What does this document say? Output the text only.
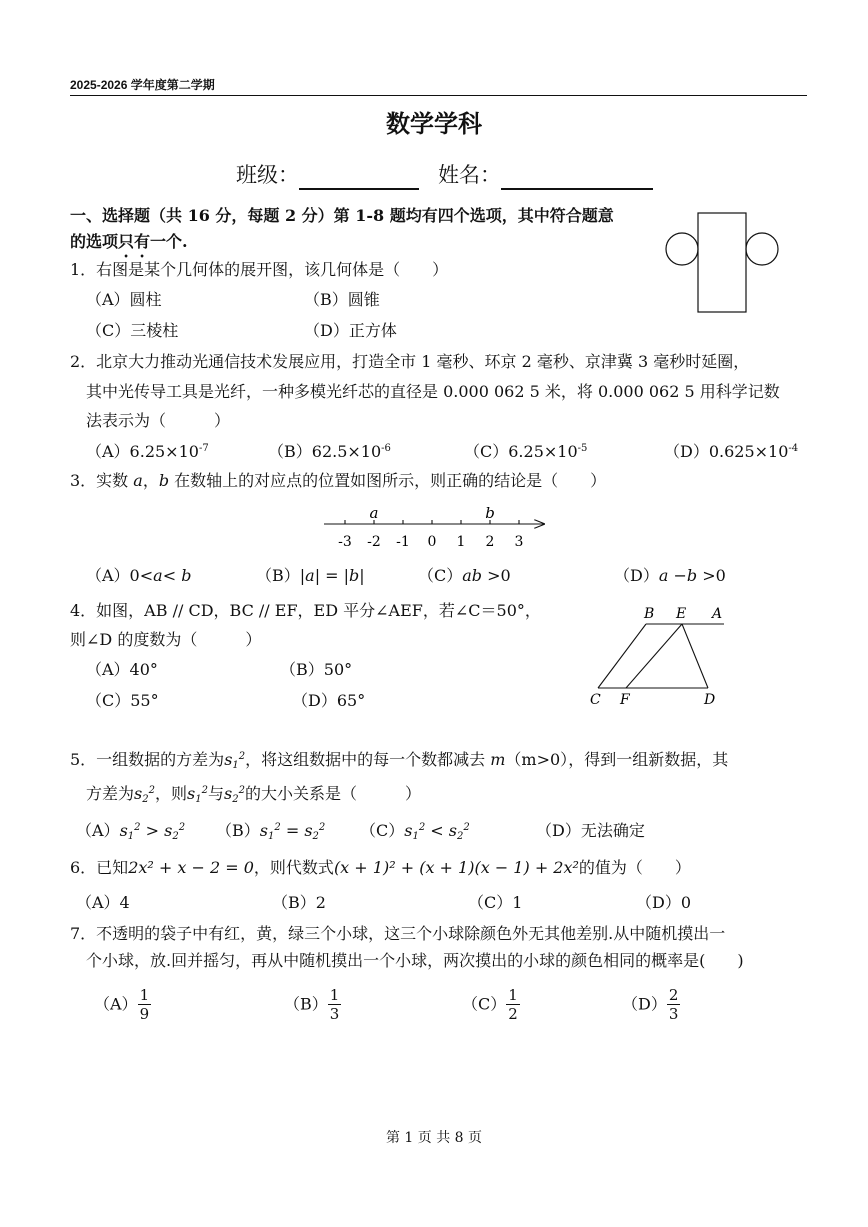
2025-2026 学年度第二学期
数学学科
班级：	姓名：
一、选择题（共 16 分，每题 2 分）第 1-8 题均有四个选项，其中符合题意
的选项只有一个.
1．右图是某个几何体的展开图，该几何体是（　　）
（A）圆柱	（B）圆锥
（C）三棱柱	（D）正方体
2．北京大力推动光通信技术发展应用，打造全市 1 毫秒、环京 2 毫秒、京津冀 3 毫秒时延圈，
其中光传导工具是光纤，一种多模光纤芯的直径是 0.000 062 5 米，将 0.000 062 5 用科学记数
法表示为（　　　）
$(A)6.25\times 10^{-7}$	$(B)62.5\times 10^{-6}$	$(C)6.25\times 10^{-5}$	$(D)0.625\times 10^{-4}$
3．实数 a，b 在数轴上的对应点的位置如图所示，则正确的结论是（　　）
-3 -2 -1 0 1 2 3
a	b
（A）0<a< b	（B）|a| = |b|	（C）ab >0	（D）a −b >0
4．如图，AB // CD，BC // EF，ED 平分∠AEF，若∠C＝50°，
则∠D 的度数为（　　　）
（A）40°	（B）50°
（C）55°	（D）65°
B E A
C F	D
5．一组数据的方差为$s_1^2$，将这组数据中的每一个数都减去 m（m>0），得到一组新数据，其
方差为$s_2^2$，则$s_1^2$与$s_2^2$的大小关系是（　　　）
$(A)s_1^2 > s_2^2$ $(B)s_1^2 = s_2^2$ $(C)s_1^2 < s_2^2$	（D）无法确定
6．已知2x² + x − 2 = 0，则代数式(x + 1)² + (x + 1)(x − 1) + 2x²的值为（　　）
（A）4	（B）2	（C）1	（D）0
7．不透明的袋子中有红，黄，绿三个小球，这三个小球除颜色外无其他差别.从中随机摸出一
个小球，放.回并摇匀，再从中随机摸出一个小球，两次摸出的小球的颜色相同的概率是(　　)
$(A) \frac{1}{9}$	$(B) \frac{1}{3}$	$(C) \frac{1}{2}$	$(D) \frac{2}{3}$
第 1 页 共 8 页
